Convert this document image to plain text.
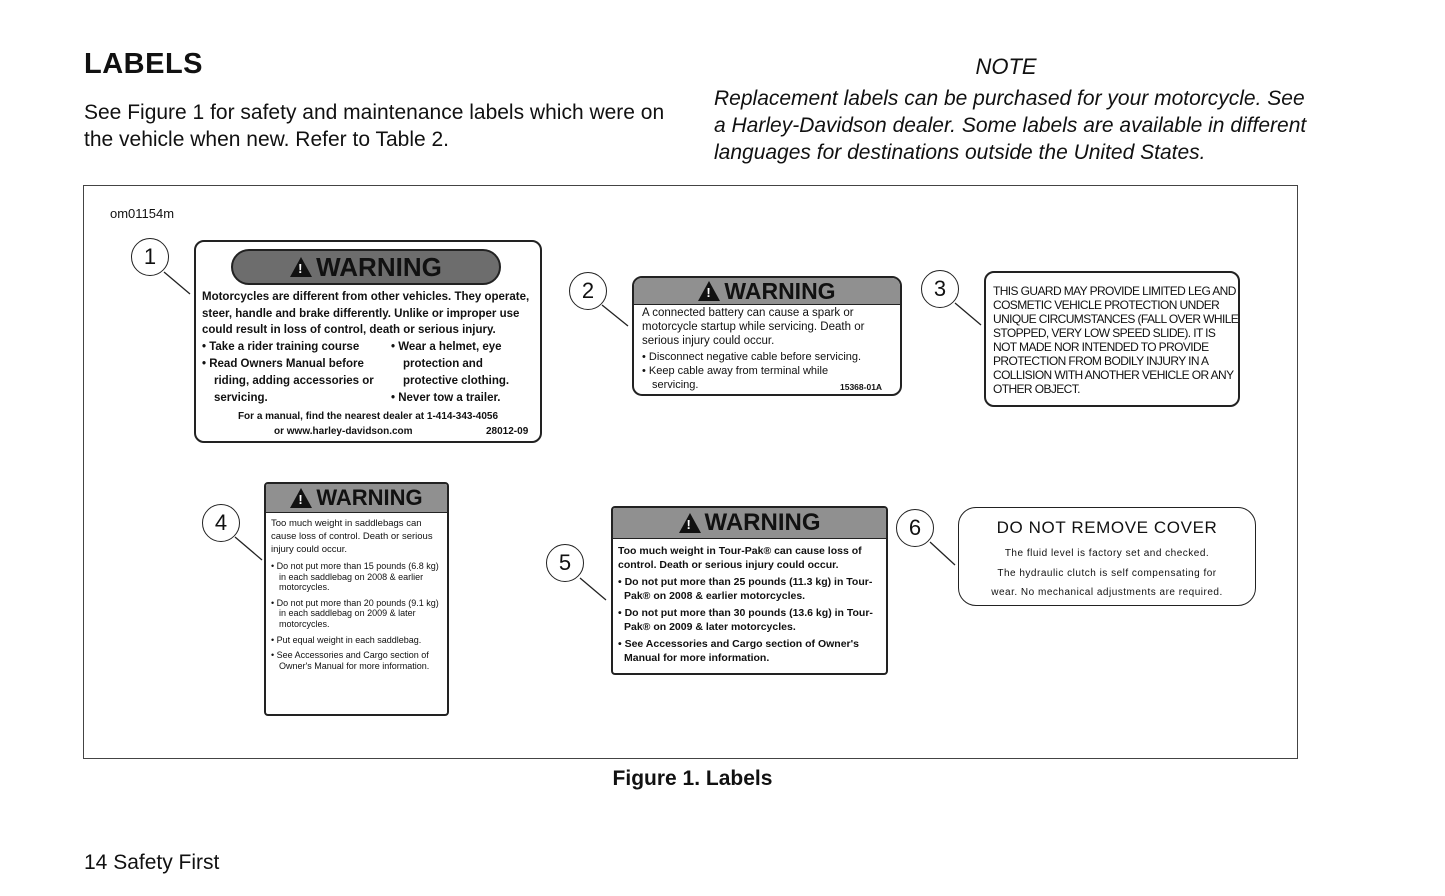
LABELS
See Figure 1 for safety and maintenance labels which were on the vehicle when new. Refer to Table 2.
NOTE
Replacement labels can be purchased for your motorcycle. See a Harley-Davidson dealer. Some labels are available in different languages for destinations outside the United States.
om01154m
1
2	3
4
5
6
!
WARNING
Motorcycles are different from other vehicles. They operate, steer, handle and brake differently. Unlike or improper use could result in loss of control, death or serious injury.
• Take a rider training course
• Read Owners Manual before riding, adding accessories or servicing.
• Wear a helmet, eye protection and protective clothing.
• Never tow a trailer.
For a manual, find the nearest dealer at 1-414-343-4056
or www.harley-davidson.com	28012-09
!
WARNING
A connected battery can cause a spark or motorcycle startup while servicing. Death or serious injury could occur.
• Disconnect negative cable before servicing.
• Keep cable away from terminal while servicing.	15368-01A
THIS GUARD MAY PROVIDE LIMITED LEG AND COSMETIC VEHICLE PROTECTION UNDER UNIQUE CIRCUMSTANCES (FALL OVER WHILE STOPPED, VERY LOW SPEED SLIDE). IT IS NOT MADE NOR INTENDED TO PROVIDE PROTECTION FROM BODILY INJURY IN A COLLISION WITH ANOTHER VEHICLE OR ANY OTHER OBJECT.
!
WARNING
Too much weight in saddlebags can cause loss of control. Death or serious injury could occur.
• Do not put more than 15 pounds (6.8 kg) in each saddlebag on 2008 & earlier motorcycles.
• Do not put more than 20 pounds (9.1 kg) in each saddlebag on 2009 & later motorcycles.
• Put equal weight in each saddlebag.
• See Accessories and Cargo section of Owner's Manual for more information.
!
WARNING
Too much weight in Tour-Pak® can cause loss of control. Death or serious injury could occur.
• Do not put more than 25 pounds (11.3 kg) in Tour-Pak® on 2008 & earlier motorcycles.
• Do not put more than 30 pounds (13.6 kg) in Tour-Pak® on 2009 & later motorcycles.
• See Accessories and Cargo section of Owner's Manual for more information.
DO NOT REMOVE COVER
The fluid level is factory set and checked.
The hydraulic clutch is self compensating for
wear. No mechanical adjustments are required.
Figure 1. Labels
14 Safety First
